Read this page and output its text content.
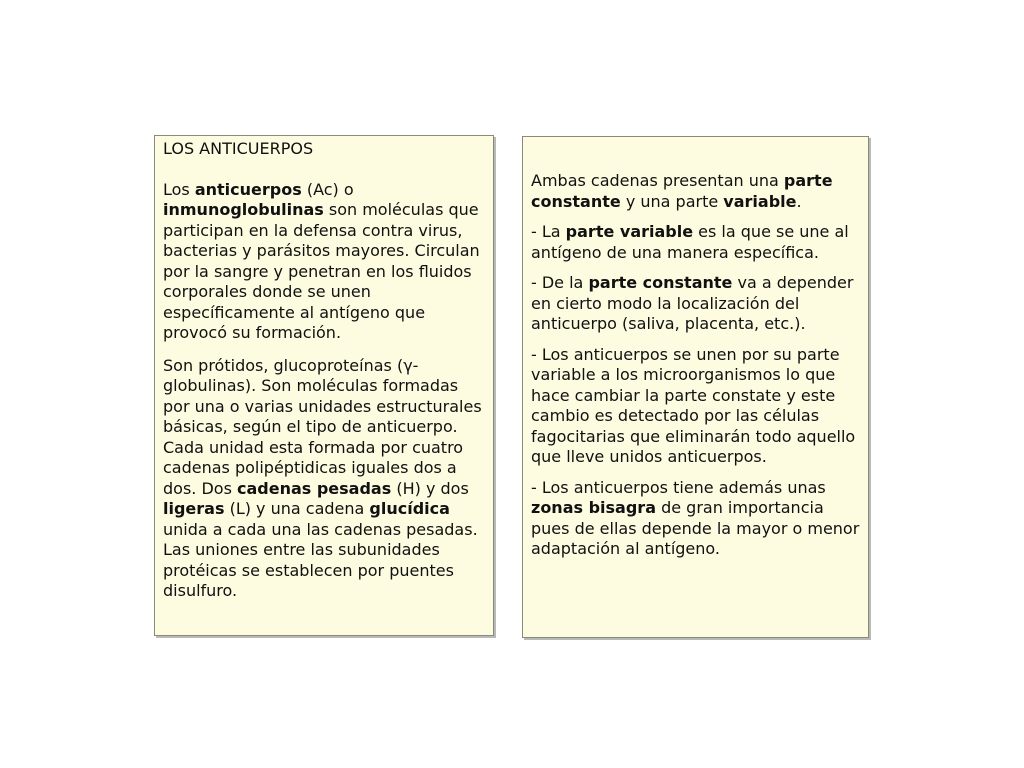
LOS ANTICUERPOS

Los anticuerpos (Ac) o inmunoglobulinas son moléculas que participan en la defensa contra virus, bacterias y parásitos mayores. Circulan por la sangre y penetran en los fluidos corporales donde se unen específicamente al antígeno que provocó su formación.

Son prótidos, glucoproteínas (γ-globulinas). Son moléculas formadas por una o varias unidades estructurales básicas, según el tipo de anticuerpo. Cada unidad esta formada por cuatro cadenas polipéptidicas iguales dos a dos. Dos cadenas pesadas (H) y dos ligeras (L) y una cadena glucídica unida a cada una las cadenas pesadas. Las uniones entre las subunidades protéicas se establecen por puentes disulfuro.

Ambas cadenas presentan una parte constante y una parte variable.

- La parte variable es la que se une al antígeno de una manera específica.

- De la parte constante va a depender en cierto modo la localización del anticuerpo (saliva, placenta, etc.).

- Los anticuerpos se unen por su parte variable a los microorganismos lo que hace cambiar la parte constate y este cambio es detectado por las células fagocitarias que eliminarán todo aquello que lleve unidos anticuerpos.

- Los anticuerpos tiene además unas zonas bisagra de gran importancia pues de ellas depende la mayor o menor adaptación al antígeno.
